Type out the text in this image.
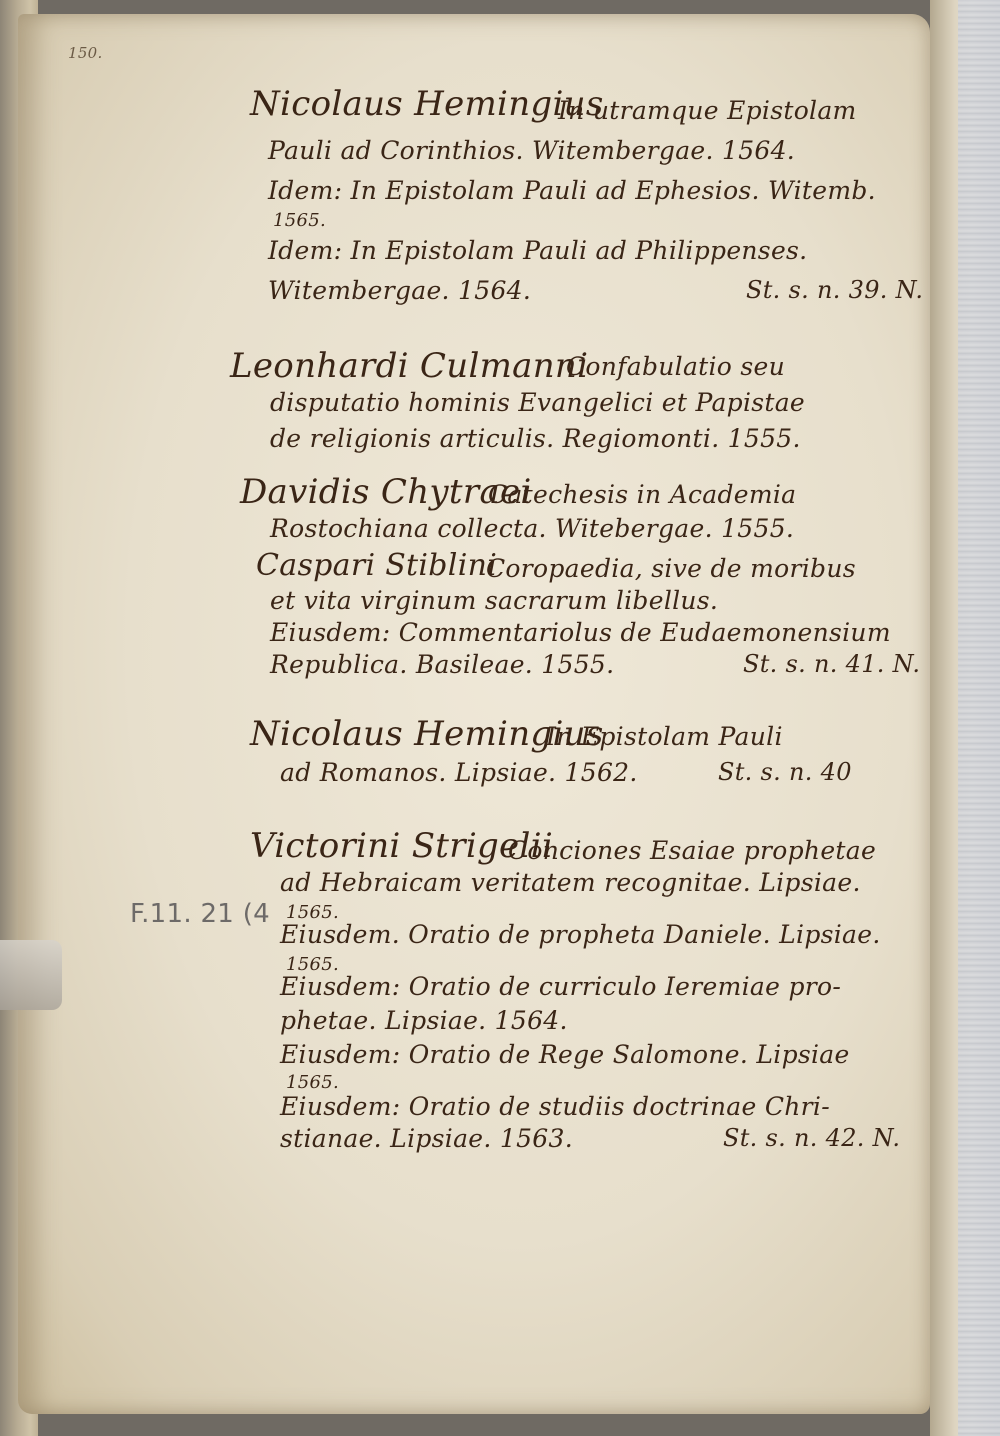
150.
Nicolaus Hemingius
In utramque Epistolam
Pauli ad Corinthios. Witembergae. 1564.
Idem: In Epistolam Pauli ad Ephesios. Witemb.
1565.
Idem: In Epistolam Pauli ad Philippenses.
Witembergae. 1564.	St. s. n. 39. N.
Leonhardi Culmanni
Confabulatio seu
disputatio hominis Evangelici et Papistae
de religionis articulis. Regiomonti. 1555.
Davidis Chytraei
Catechesis in Academia
Rostochiana collecta. Witebergae. 1555.
Caspari Stiblini
Coropaedia, sive de moribus
et vita virginum sacrarum libellus.
Eiusdem: Commentariolus de Eudaemonensium
Republica. Basileae. 1555.	St. s. n. 41. N.
Nicolaus Hemingius
In Epistolam Pauli
ad Romanos. Lipsiae. 1562.	St. s. n. 40
Victorini Strigelii
Conciones Esaiae prophetae
ad Hebraicam veritatem recognitae. Lipsiae.
1565.
Eiusdem. Oratio de propheta Daniele. Lipsiae.
1565.
Eiusdem: Oratio de curriculo Ieremiae pro-
phetae. Lipsiae. 1564.
Eiusdem: Oratio de Rege Salomone. Lipsiae
1565.
Eiusdem: Oratio de studiis doctrinae Chri-
stianae. Lipsiae. 1563.	St. s. n. 42. N.
F.11. 21 (4
